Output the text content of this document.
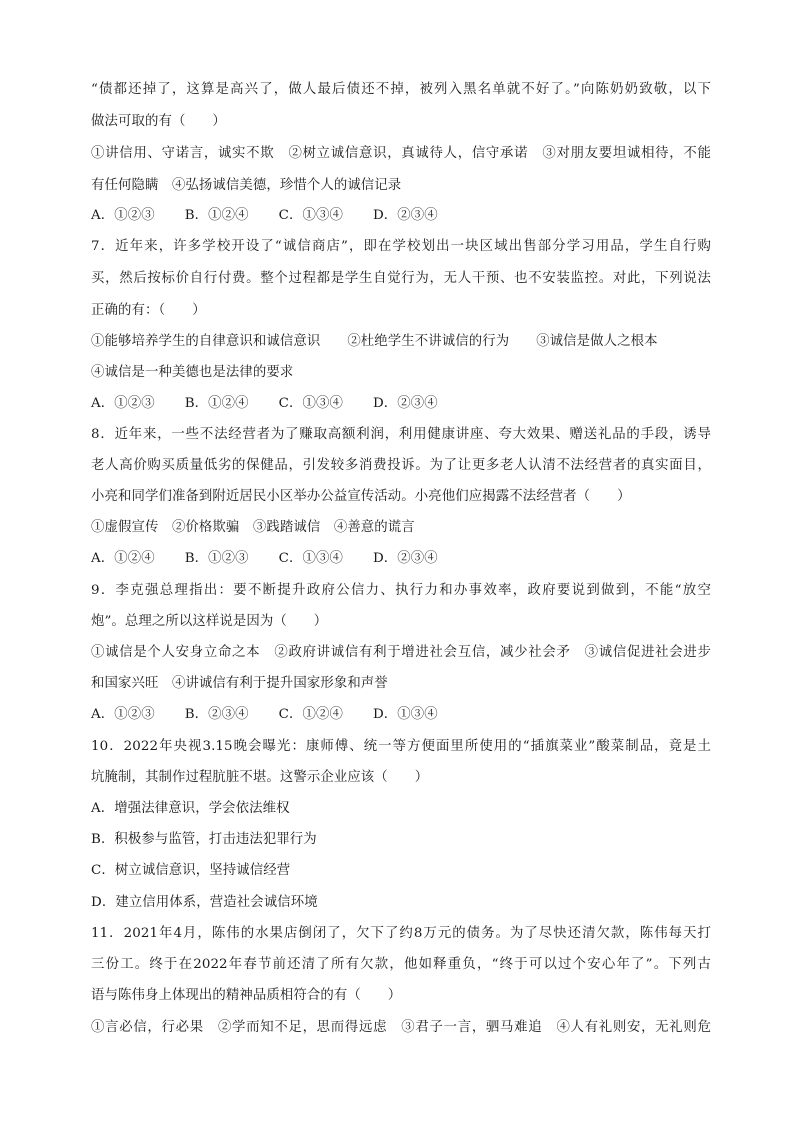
“债都还掉了，这算是高兴了，做人最后债还不掉，被列入黑名单就不好了。”向陈奶奶致敬，以下
做法可取的有（　　）
①讲信用、守诺言，诚实不欺　②树立诚信意识，真诚待人，信守承诺　③对朋友要坦诚相待，不能
有任何隐瞒　④弘扬诚信美德，珍惜个人的诚信记录
A．①②③ B．①②④ C．①③④ D．②③④
7．近年来，许多学校开设了“诚信商店”，即在学校划出一块区域出售部分学习用品，学生自行购
买，然后按标价自行付费。整个过程都是学生自觉行为，无人干预、也不安装监控。对此，下列说法
正确的有：（　　）
①能够培养学生的自律意识和诚信意识　　②杜绝学生不讲诚信的行为　　③诚信是做人之根本
④诚信是一种美德也是法律的要求
A．①②③ B．①②④ C．①③④ D．②③④
8．近年来，一些不法经营者为了赚取高额利润，利用健康讲座、夸大效果、赠送礼品的手段，诱导
老人高价购买质量低劣的保健品，引发较多消费投诉。为了让更多老人认清不法经营者的真实面目，
小亮和同学们准备到附近居民小区举办公益宣传活动。小亮他们应揭露不法经营者（　　）
①虚假宣传　②价格欺骗　③践踏诚信　④善意的谎言
A．①②④ B．①②③ C．①③④ D．②③④
9．李克强总理指出：要不断提升政府公信力、执行力和办事效率，政府要说到做到，不能“放空
炮”。总理之所以这样说是因为（　　）
①诚信是个人安身立命之本　②政府讲诚信有利于增进社会互信，减少社会矛　③诚信促进社会进步
和国家兴旺　④讲诚信有利于提升国家形象和声誉
A．①②③ B．②③④ C．①②④ D．①③④
10．2022年央视3.15晚会曝光：康师傅、统一等方便面里所使用的“插旗菜业”酸菜制品，竟是土
坑腌制，其制作过程肮脏不堪。这警示企业应该（　　）
A．增强法律意识，学会依法维权
B．积极参与监管，打击违法犯罪行为
C．树立诚信意识，坚持诚信经营
D．建立信用体系，营造社会诚信环境
11．2021年4月，陈伟的水果店倒闭了，欠下了约8万元的债务。为了尽快还清欠款，陈伟每天打
三份工。终于在2022年春节前还清了所有欠款，他如释重负，“终于可以过个安心年了”。下列古
语与陈伟身上体现出的精神品质相符合的有（　　）
①言必信，行必果　②学而知不足，思而得远虑　③君子一言，驷马难追　④人有礼则安，无礼则危
